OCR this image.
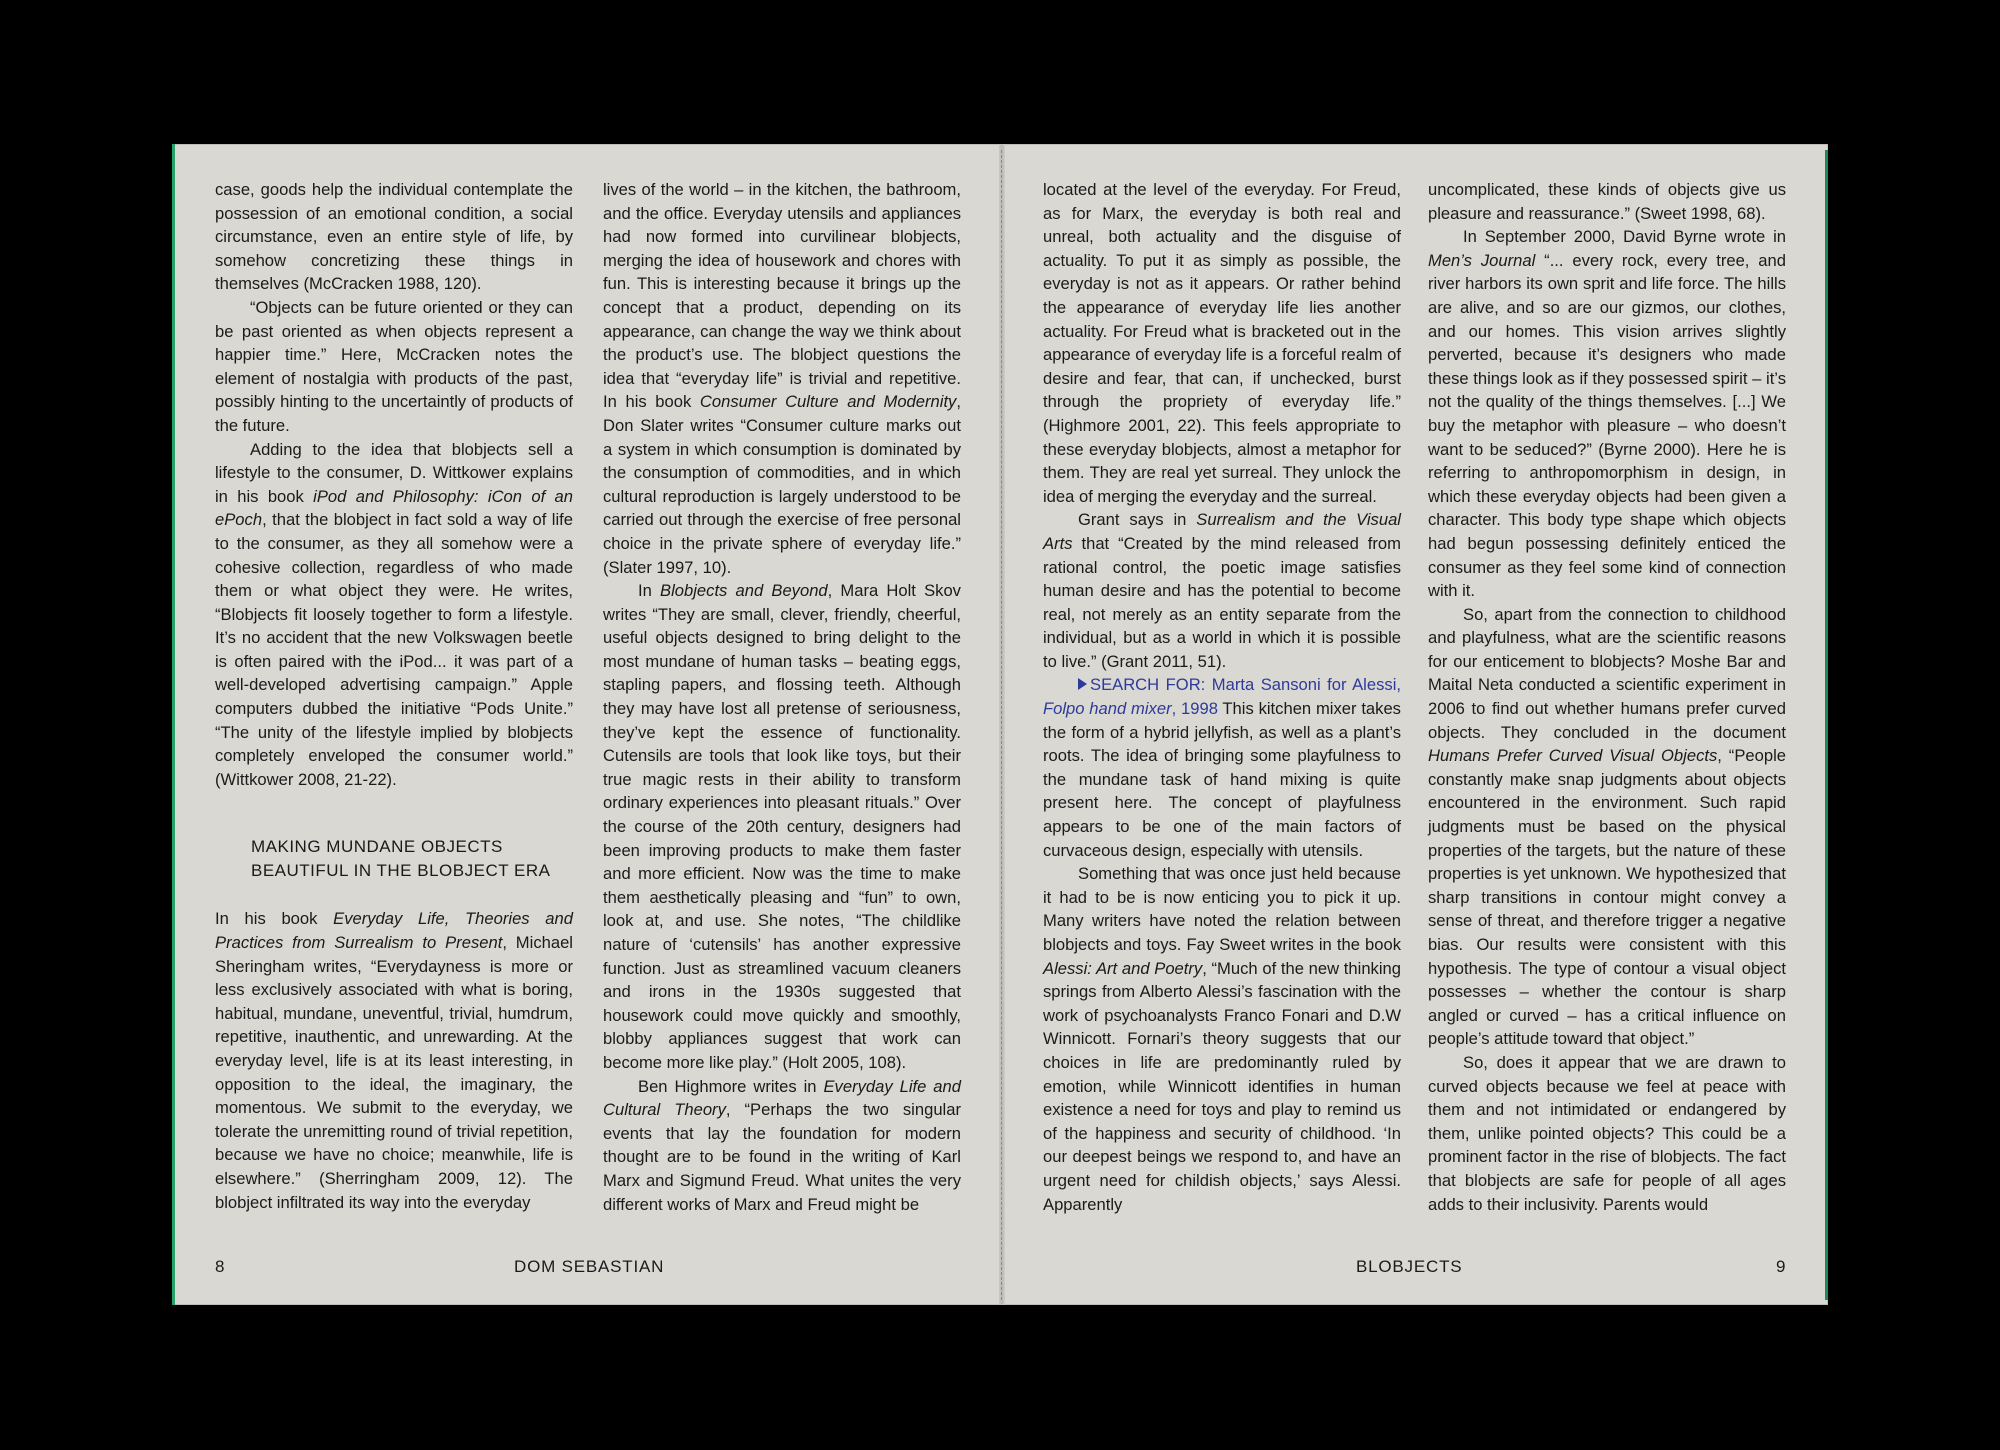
case, goods help the individual contemplate the possession of an emotional condition, a social circumstance, even an entire style of life, by somehow concretizing these things in themselves (McCracken 1988, 120).

“Objects can be future oriented or they can be past oriented as when objects represent a happier time.” Here, McCracken notes the element of nostalgia with products of the past, possibly hinting to the uncertaintly of products of the future.

Adding to the idea that blobjects sell a lifestyle to the consumer, D. Wittkower explains in his book iPod and Philosophy: iCon of an ePoch, that the blobject in fact sold a way of life to the consumer, as they all somehow were a cohesive collection, regardless of who made them or what object they were. He writes, “Blobjects fit loosely together to form a lifestyle. It’s no accident that the new Volkswagen beetle is often paired with the iPod... it was part of a well-developed advertising campaign.” Apple computers dubbed the initiative “Pods Unite.” “The unity of the lifestyle implied by blobjects completely enveloped the consumer world.” (Wittkower 2008, 21-22).

MAKING MUNDANE OBJECTS
BEAUTIFUL IN THE BLOBJECT ERA

In his book Everyday Life, Theories and Practices from Surrealism to Present, Michael Sheringham writes, “Everydayness is more or less exclusively associated with what is boring, habitual, mundane, uneventful, trivial, humdrum, repetitive, inauthentic, and unrewarding. At the everyday level, life is at its least interesting, in opposition to the ideal, the imaginary, the momentous. We submit to the everyday, we tolerate the unremitting round of trivial repetition, because we have no choice; meanwhile, life is elsewhere.” (Sherringham 2009, 12). The blobject infiltrated its way into the everyday

lives of the world – in the kitchen, the bathroom, and the office. Everyday utensils and appliances had now formed into curvilinear blobjects, merging the idea of housework and chores with fun. This is interesting because it brings up the concept that a product, depending on its appearance, can change the way we think about the product’s use. The blobject questions the idea that “everyday life” is trivial and repetitive. In his book Consumer Culture and Modernity, Don Slater writes “Consumer culture marks out a system in which consumption is dominated by the consumption of commodities, and in which cultural reproduction is largely understood to be carried out through the exercise of free personal choice in the private sphere of everyday life.” (Slater 1997, 10).

In Blobjects and Beyond, Mara Holt Skov writes “They are small, clever, friendly, cheerful, useful objects designed to bring delight to the most mundane of human tasks – beating eggs, stapling papers, and flossing teeth. Although they may have lost all pretense of seriousness, they’ve kept the essence of functionality. Cutensils are tools that look like toys, but their true magic rests in their ability to transform ordinary experiences into pleasant rituals.” Over the course of the 20th century, designers had been improving products to make them faster and more efficient. Now was the time to make them aesthetically pleasing and “fun” to own, look at, and use. She notes, “The childlike nature of ‘cutensils’ has another expressive function. Just as streamlined vacuum cleaners and irons in the 1930s suggested that housework could move quickly and smoothly, blobby appliances suggest that work can become more like play.” (Holt 2005, 108).

Ben Highmore writes in Everyday Life and Cultural Theory, “Perhaps the two singular events that lay the foundation for modern thought are to be found in the writing of Karl Marx and Sigmund Freud. What unites the very different works of Marx and Freud might be

located at the level of the everyday. For Freud, as for Marx, the everyday is both real and unreal, both actuality and the disguise of actuality. To put it as simply as possible, the everyday is not as it appears. Or rather behind the appearance of everyday life lies another actuality. For Freud what is bracketed out in the appearance of everyday life is a forceful realm of desire and fear, that can, if unchecked, burst through the propriety of everyday life.” (Highmore 2001, 22). This feels appropriate to these everyday blobjects, almost a metaphor for them. They are real yet surreal. They unlock the idea of merging the everyday and the surreal.

Grant says in Surrealism and the Visual Arts that “Created by the mind released from rational control, the poetic image satisfies human desire and has the potential to become real, not merely as an entity separate from the individual, but as a world in which it is possible to live.” (Grant 2011, 51).

SEARCH FOR: Marta Sansoni for Alessi, Folpo hand mixer, 1998 This kitchen mixer takes the form of a hybrid jellyfish, as well as a plant’s roots. The idea of bringing some playfulness to the mundane task of hand mixing is quite present here. The concept of playfulness appears to be one of the main factors of curvaceous design, especially with utensils.

Something that was once just held because it had to be is now enticing you to pick it up. Many writers have noted the relation between blobjects and toys. Fay Sweet writes in the book Alessi: Art and Poetry, “Much of the new thinking springs from Alberto Alessi’s fascination with the work of psychoanalysts Franco Fonari and D.W Winnicott. Fornari’s theory suggests that our choices in life are predominantly ruled by emotion, while Winnicott identifies in human existence a need for toys and play to remind us of the happiness and security of childhood. ‘In our deepest beings we respond to, and have an urgent need for childish objects,’ says Alessi. Apparently

uncomplicated, these kinds of objects give us pleasure and reassurance.” (Sweet 1998, 68).

In September 2000, David Byrne wrote in Men’s Journal “... every rock, every tree, and river harbors its own sprit and life force. The hills are alive, and so are our gizmos, our clothes, and our homes. This vision arrives slightly perverted, because it’s designers who made these things look as if they possessed spirit – it’s not the quality of the things themselves. [...] We buy the metaphor with pleasure – who doesn’t want to be seduced?” (Byrne 2000). Here he is referring to anthropomorphism in design, in which these everyday objects had been given a character. This body type shape which objects had begun possessing definitely enticed the consumer as they feel some kind of connection with it.

So, apart from the connection to childhood and playfulness, what are the scientific reasons for our enticement to blobjects? Moshe Bar and Maital Neta conducted a scientific experiment in 2006 to find out whether humans prefer curved objects. They concluded in the document Humans Prefer Curved Visual Objects, “People constantly make snap judgments about objects encountered in the environment. Such rapid judgments must be based on the physical properties of the targets, but the nature of these properties is yet unknown. We hypothesized that sharp transitions in contour might convey a sense of threat, and therefore trigger a negative bias. Our results were consistent with this hypothesis. The type of contour a visual object possesses – whether the contour is sharp angled or curved – has a critical influence on people’s attitude toward that object.”

So, does it appear that we are drawn to curved objects because we feel at peace with them and not intimidated or endangered by them, unlike pointed objects? This could be a prominent factor in the rise of blobjects. The fact that blobjects are safe for people of all ages adds to their inclusivity. Parents would

8	DOM SEBASTIAN	BLOBJECTS	9
